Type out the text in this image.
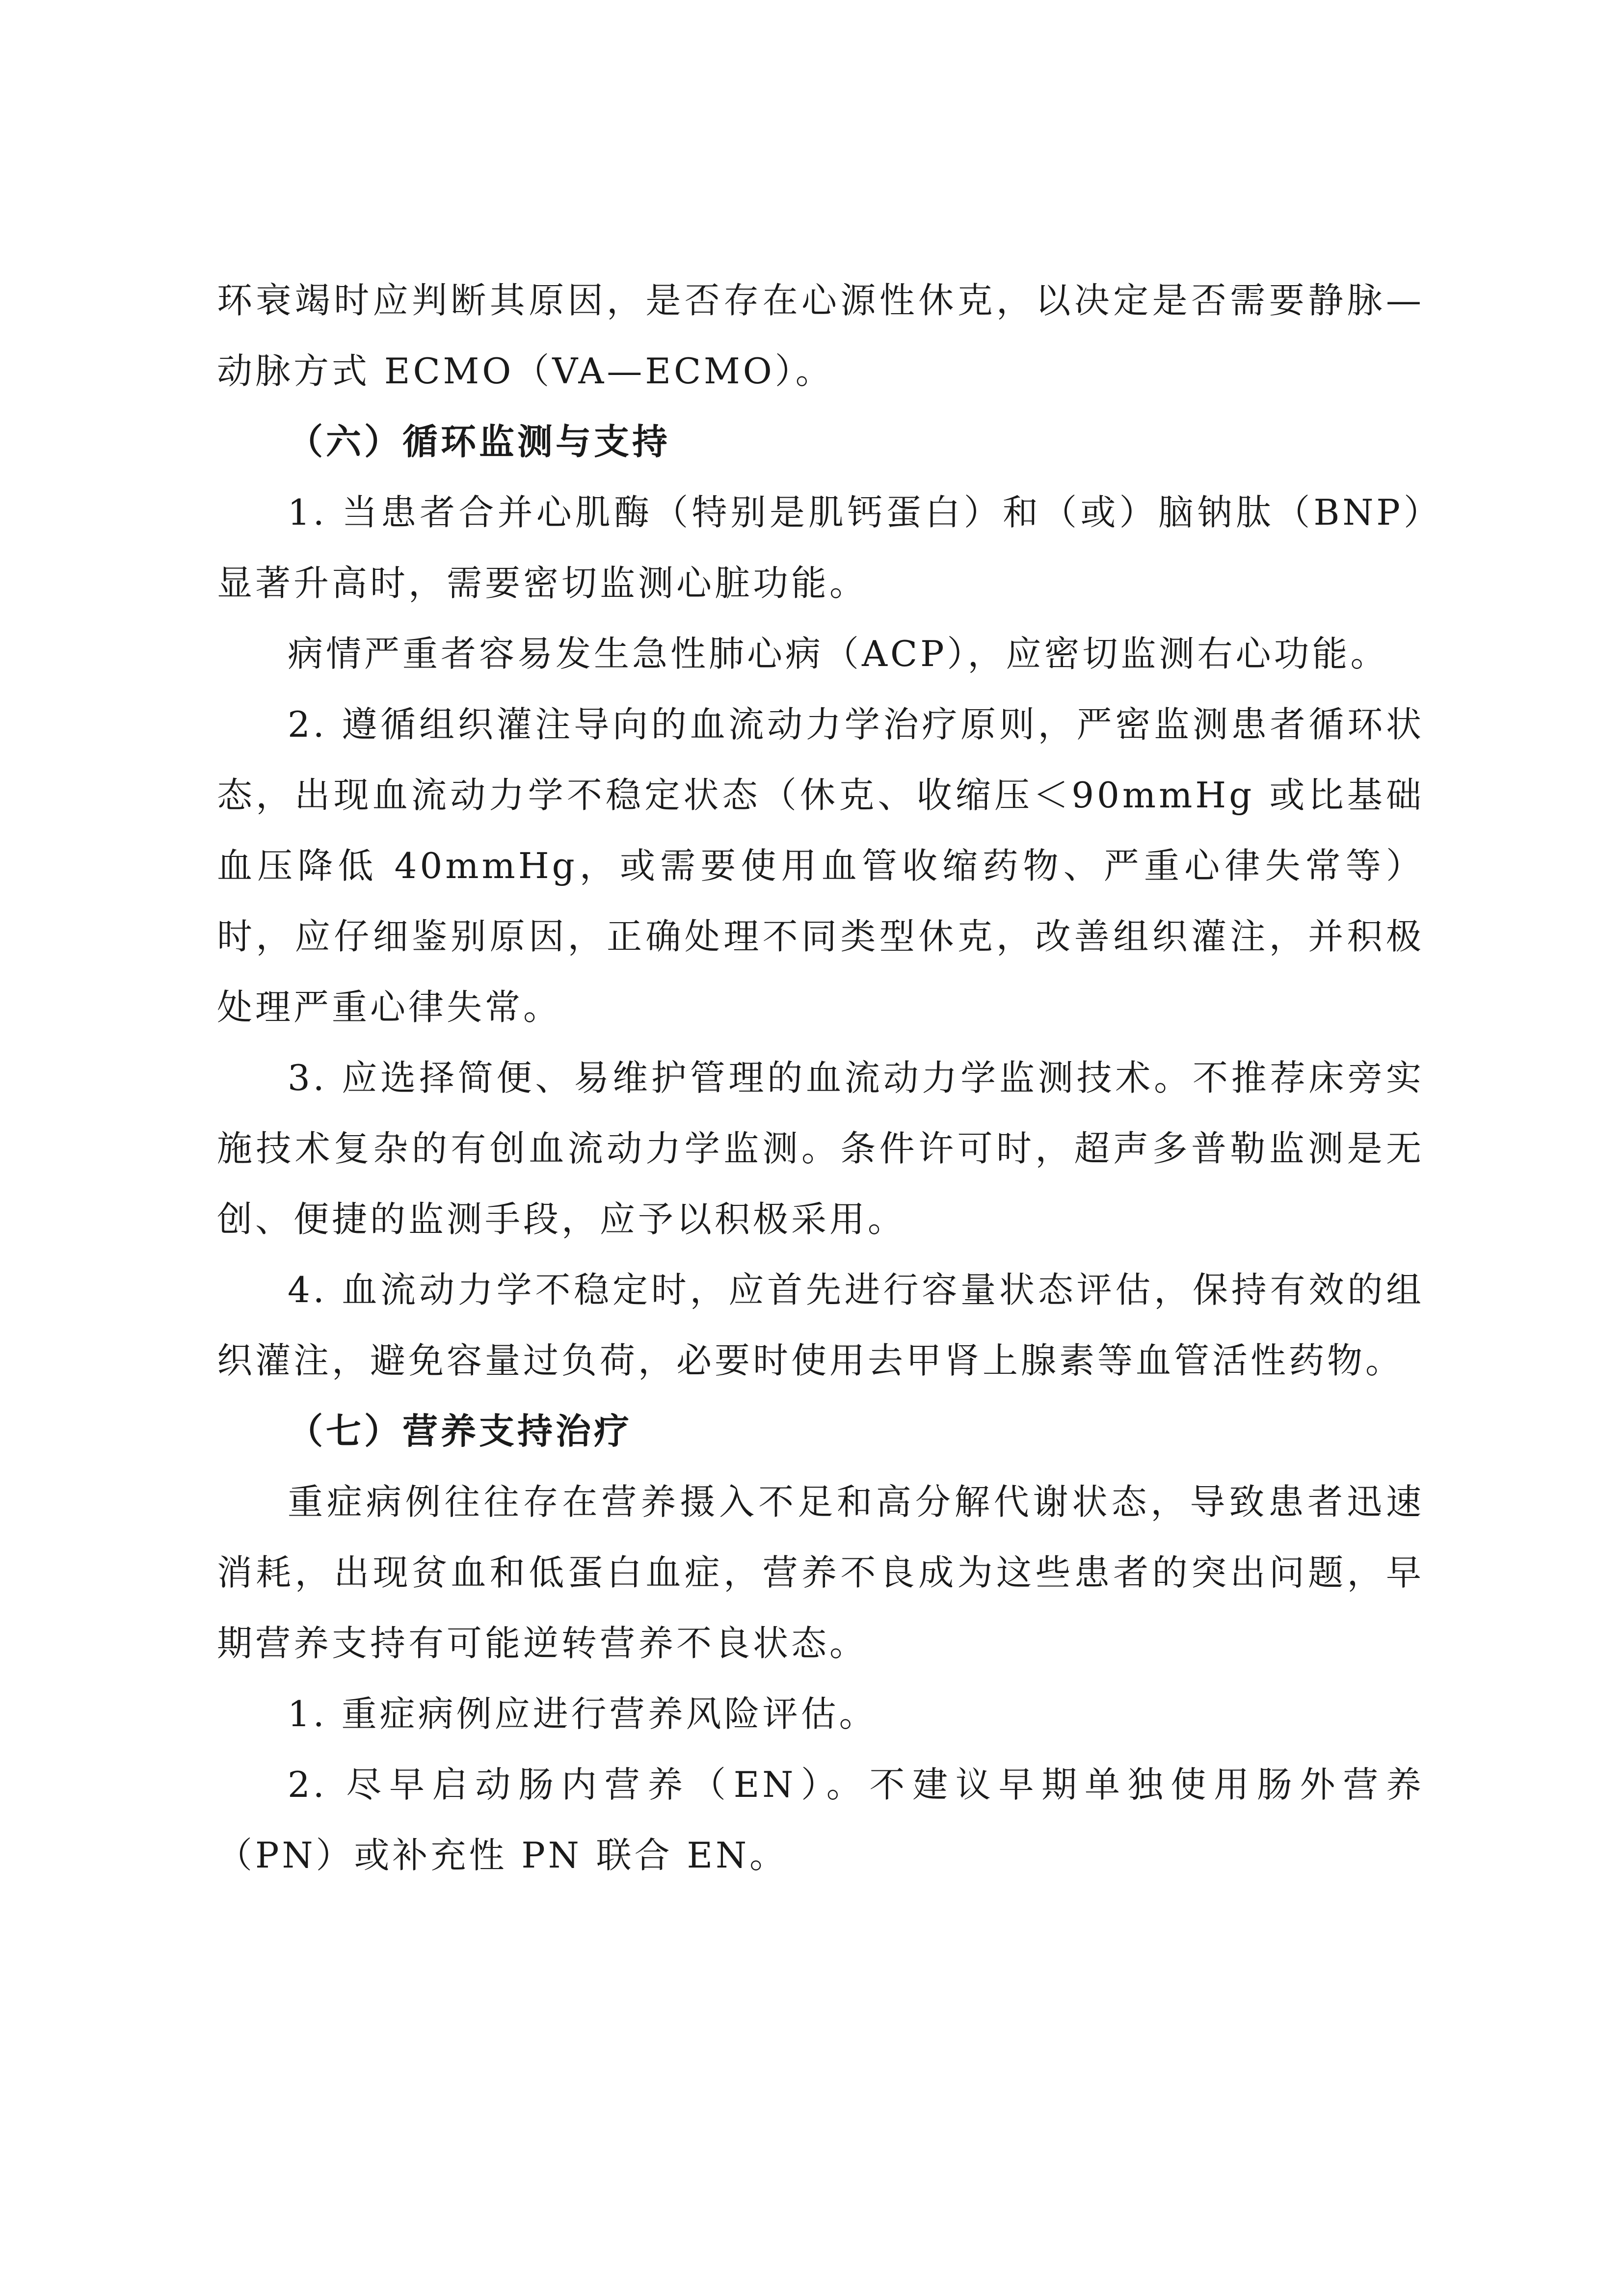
环衰竭时应判断其原因，是否存在心源性休克，以决定是否需要静脉—动脉方式 ECMO（VA—ECMO）。

（六）循环监测与支持

1. 当患者合并心肌酶（特别是肌钙蛋白）和（或）脑钠肽（BNP）显著升高时，需要密切监测心脏功能。

病情严重者容易发生急性肺心病（ACP），应密切监测右心功能。

2. 遵循组织灌注导向的血流动力学治疗原则，严密监测患者循环状态，出现血流动力学不稳定状态（休克、收缩压＜90mmHg 或比基础血压降低 40mmHg，或需要使用血管收缩药物、严重心律失常等）时，应仔细鉴别原因，正确处理不同类型休克，改善组织灌注，并积极处理严重心律失常。

3. 应选择简便、易维护管理的血流动力学监测技术。不推荐床旁实施技术复杂的有创血流动力学监测。条件许可时，超声多普勒监测是无创、便捷的监测手段，应予以积极采用。

4. 血流动力学不稳定时，应首先进行容量状态评估，保持有效的组织灌注，避免容量过负荷，必要时使用去甲肾上腺素等血管活性药物。

（七）营养支持治疗

重症病例往往存在营养摄入不足和高分解代谢状态，导致患者迅速消耗，出现贫血和低蛋白血症，营养不良成为这些患者的突出问题，早期营养支持有可能逆转营养不良状态。

1. 重症病例应进行营养风险评估。

2. 尽早启动肠内营养（EN）。不建议早期单独使用肠外营养（PN）或补充性 PN 联合 EN。
